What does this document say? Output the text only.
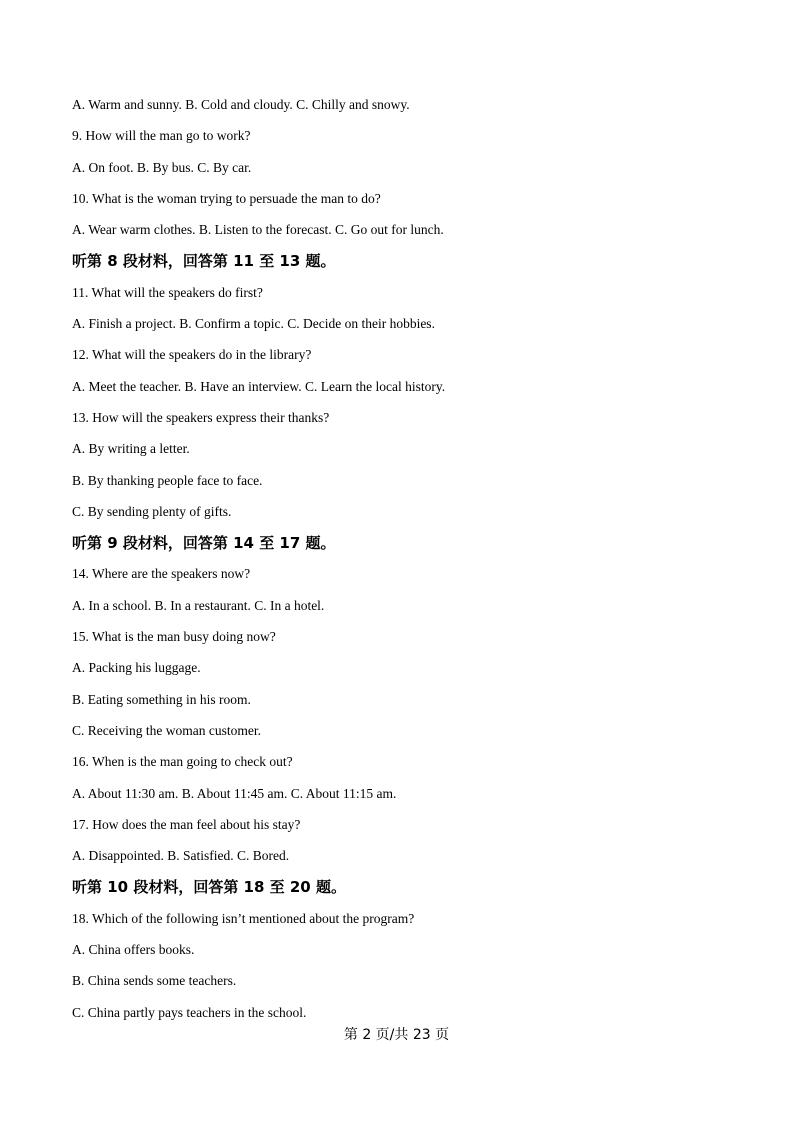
A. Warm and sunny. B. Cold and cloudy. C. Chilly and snowy.
9. How will the man go to work?
A. On foot. B. By bus. C. By car.
10. What is the woman trying to persuade the man to do?
A. Wear warm clothes. B. Listen to the forecast. C. Go out for lunch.
听第 8 段材料，回答第 11 至 13 题。
11. What will the speakers do first?
A. Finish a project. B. Confirm a topic. C. Decide on their hobbies.
12. What will the speakers do in the library?
A. Meet the teacher. B. Have an interview. C. Learn the local history.
13. How will the speakers express their thanks?
A. By writing a letter.
B. By thanking people face to face.
C. By sending plenty of gifts.
听第 9 段材料，回答第 14 至 17 题。
14. Where are the speakers now?
A. In a school. B. In a restaurant. C. In a hotel.
15. What is the man busy doing now?
A. Packing his luggage.
B. Eating something in his room.
C. Receiving the woman customer.
16. When is the man going to check out?
A. About 11:30 am. B. About 11:45 am. C. About 11:15 am.
17. How does the man feel about his stay?
A. Disappointed. B. Satisfied. C. Bored.
听第 10 段材料，回答第 18 至 20 题。
18. Which of the following isn’t mentioned about the program?
A. China offers books.
B. China sends some teachers.
C. China partly pays teachers in the school.
第 2 页/共 23 页
